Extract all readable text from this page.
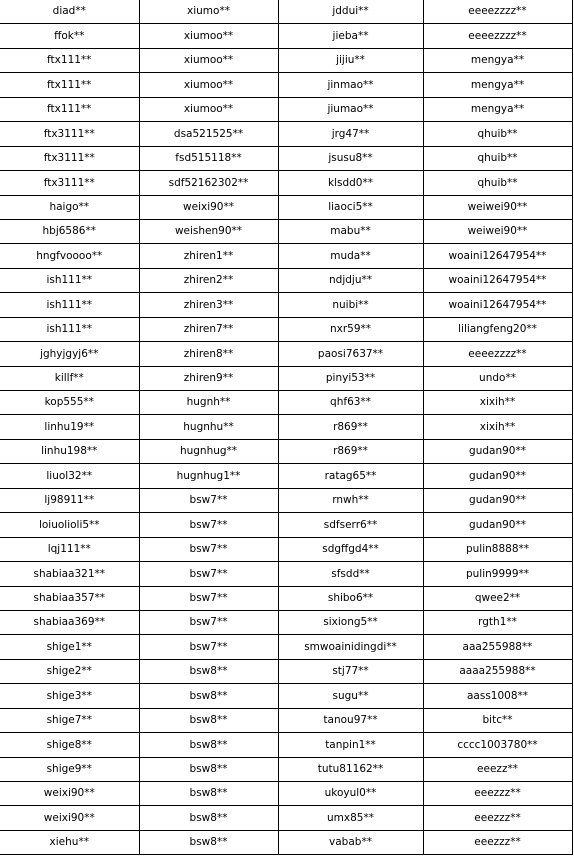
diad**	xiumo**	jddui**	eeeezzzz**
ffok**	xiumoo**	jieba**	eeeezzzz**
ftx111**	xiumoo**	jijiu**	mengya**
ftx111**	xiumoo**	jinmao**	mengya**
ftx111**	xiumoo**	jiumao**	mengya**
ftx3111**	dsa521525**	jrg47**	qhuib**
ftx3111**	fsd515118**	jsusu8**	qhuib**
ftx3111**	sdf52162302**	klsdd0**	qhuib**
haigo**	weixi90**	liaoci5**	weiwei90**
hbj6586**	weishen90**	mabu**	weiwei90**
hngfvoooo**	zhiren1**	muda**	woaini12647954**
ish111**	zhiren2**	ndjdju**	woaini12647954**
ish111**	zhiren3**	nuibi**	woaini12647954**
ish111**	zhiren7**	nxr59**	liliangfeng20**
jghyjgyj6**	zhiren8**	paosi7637**	eeeezzzz**
killf**	zhiren9**	pinyi53**	undo**
kop555**	hugnh**	qhf63**	xixih**
linhu19**	hugnhu**	r869**	xixih**
linhu198**	hugnhug**	r869**	gudan90**
liuol32**	hugnhug1**	ratag65**	gudan90**
lj98911**	bsw7**	rnwh**	gudan90**
loiuolioli5**	bsw7**	sdfserr6**	gudan90**
lqj111**	bsw7**	sdgffgd4**	pulin8888**
shabiaa321**	bsw7**	sfsdd**	pulin9999**
shabiaa357**	bsw7**	shibo6**	qwee2**
shabiaa369**	bsw7**	sixiong5**	rgth1**
shige1**	bsw7**	smwoainidingdi**	aaa255988**
shige2**	bsw8**	stj77**	aaaa255988**
shige3**	bsw8**	sugu**	aass1008**
shige7**	bsw8**	tanou97**	bitc**
shige8**	bsw8**	tanpin1**	cccc1003780**
shige9**	bsw8**	tutu81162**	eeezz**
weixi90**	bsw8**	ukoyul0**	eeezzz**
weixi90**	bsw8**	umx85**	eeezzz**
xiehu**	bsw8**	vabab**	eeezzz**
